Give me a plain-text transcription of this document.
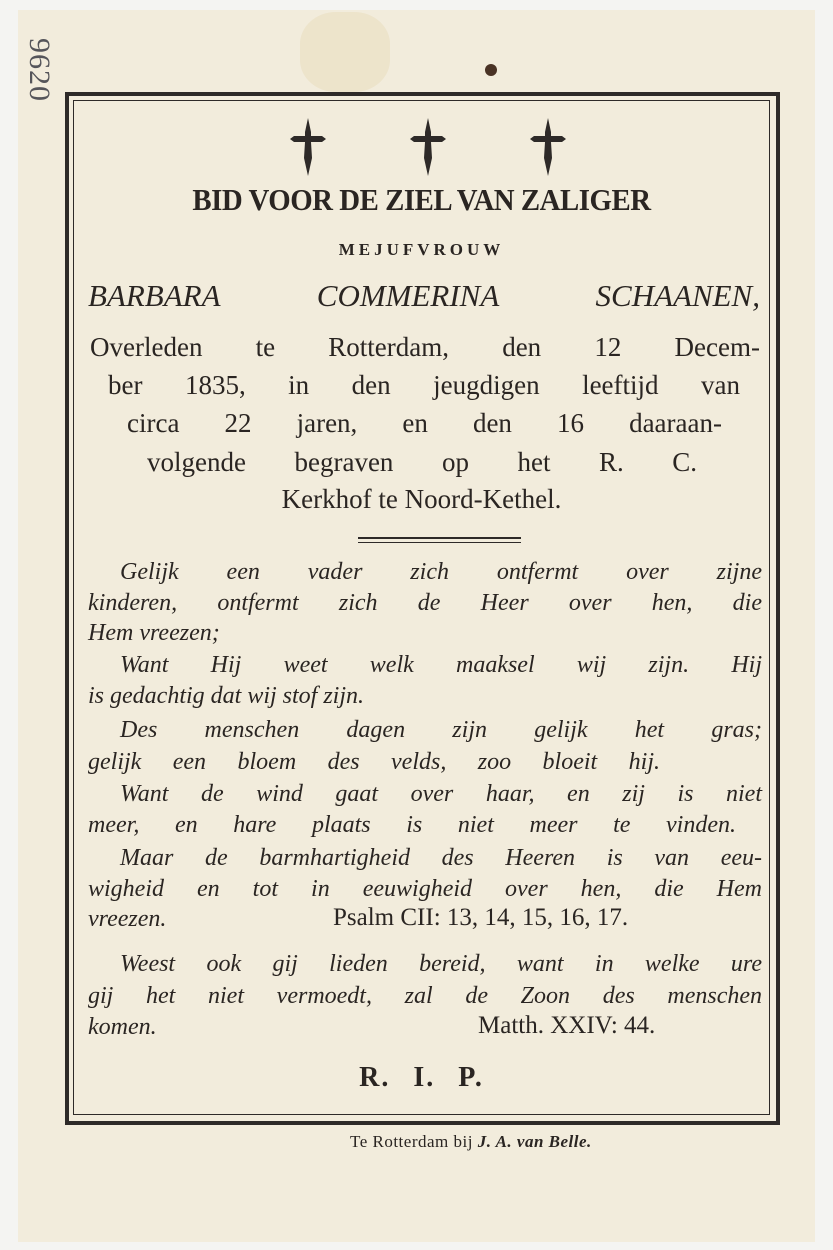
9620
BID VOOR DE ZIEL VAN ZALIGER
MEJUFVROUW
BARBARA COMMERINA SCHAANEN,
Overleden te Rotterdam, den 12 Decem-
ber 1835, in den jeugdigen leeftijd van
circa 22 jaren, en den 16 daaraan-
volgende begraven op het R. C.
Kerkhof te Noord-Kethel.
Gelijk een vader zich ontfermt over zijne
kinderen, ontfermt zich de Heer over hen, die
Hem vreezen;
Want Hij weet welk maaksel wij zijn. Hij
is gedachtig dat wij stof zijn.
Des menschen dagen zijn gelijk het gras;
gelijk een bloem des velds, zoo bloeit hij.
Want de wind gaat over haar, en zij is niet
meer, en hare plaats is niet meer te vinden.
Maar de barmhartigheid des Heeren is van eeu-
wigheid en tot in eeuwigheid over hen, die Hem
vreezen.	Psalm CII: 13, 14, 15, 16, 17.
Weest ook gij lieden bereid, want in welke ure
gij het niet vermoedt, zal de Zoon des menschen
komen.	Matth. XXIV: 44.
R. I. P.
Te Rotterdam bij J. A. van Belle.
